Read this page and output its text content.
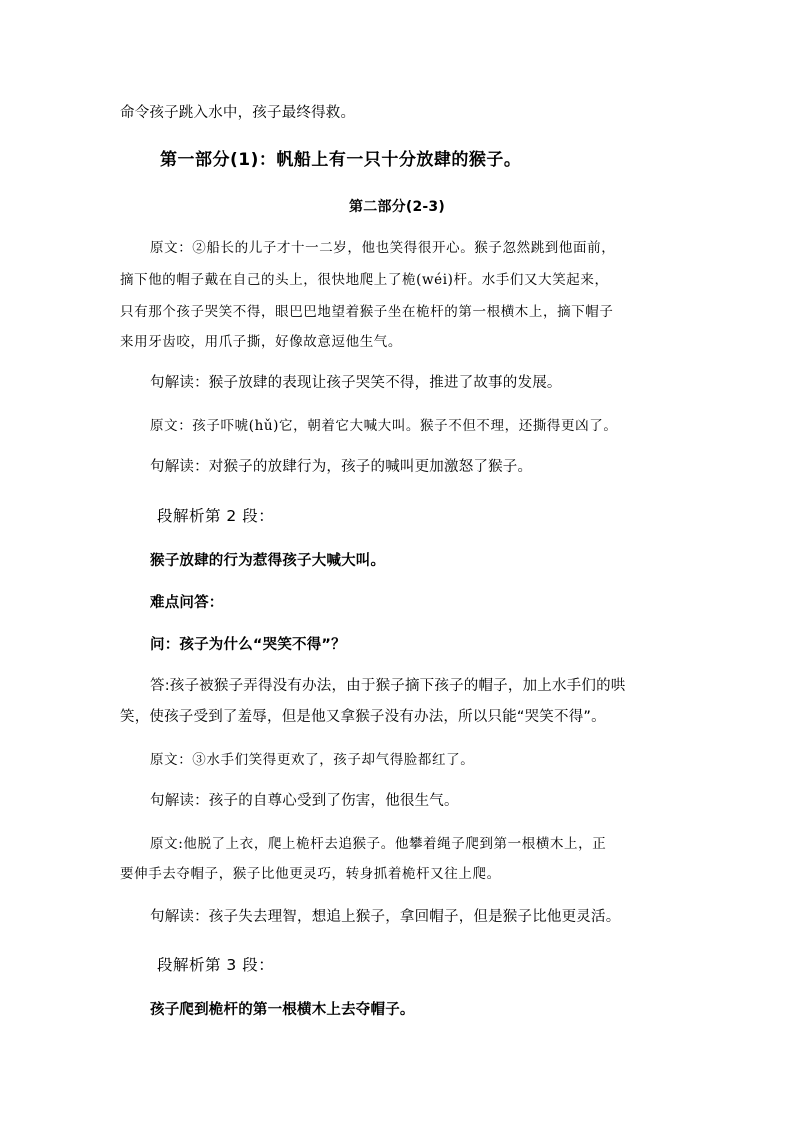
命令孩子跳入水中，孩子最终得救。

第一部分(1)：帆船上有一只十分放肆的猴子。

第二部分(2-3)

原文：②船长的儿子才十一二岁，他也笑得很开心。猴子忽然跳到他面前，

摘下他的帽子戴在自己的头上，很快地爬上了桅(wéi)杆。水手们又大笑起来，

只有那个孩子哭笑不得，眼巴巴地望着猴子坐在桅杆的第一根横木上，摘下帽子

来用牙齿咬，用爪子撕，好像故意逗他生气。

句解读：猴子放肆的表现让孩子哭笑不得，推进了故事的发展。

原文：孩子吓唬(hǔ)它，朝着它大喊大叫。猴子不但不理，还撕得更凶了。

句解读：对猴子的放肆行为，孩子的喊叫更加激怒了猴子。

段解析第 2 段：

猴子放肆的行为惹得孩子大喊大叫。

难点问答：

问：孩子为什么“哭笑不得”？

答:孩子被猴子弄得没有办法，由于猴子摘下孩子的帽子，加上水手们的哄

笑，使孩子受到了羞辱，但是他又拿猴子没有办法，所以只能“哭笑不得”。

原文：③水手们笑得更欢了，孩子却气得脸都红了。

句解读：孩子的自尊心受到了伤害，他很生气。

原文:他脱了上衣，爬上桅杆去追猴子。他攀着绳子爬到第一根横木上，正

要伸手去夺帽子，猴子比他更灵巧，转身抓着桅杆又往上爬。

句解读：孩子失去理智，想追上猴子，拿回帽子，但是猴子比他更灵活。

段解析第 3 段：

孩子爬到桅杆的第一根横木上去夺帽子。
